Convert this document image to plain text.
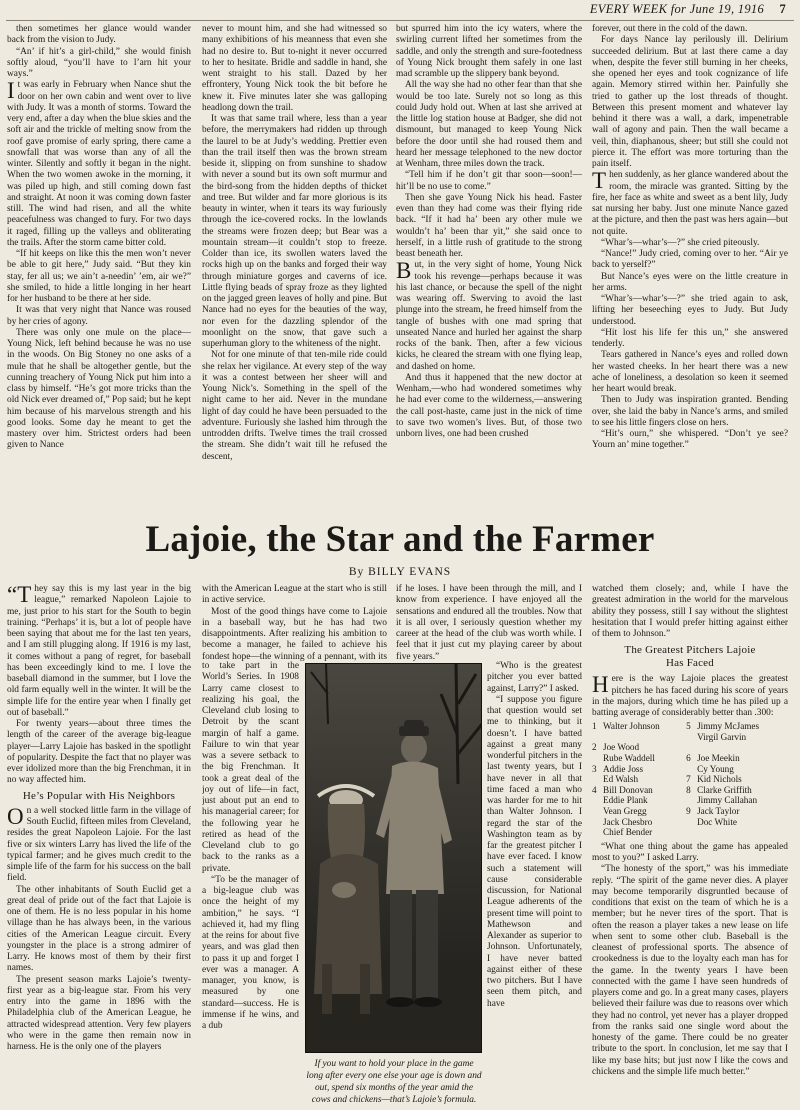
EVERY WEEK for June 19, 1916 7

then sometimes her glance would wander back from the vision to Judy.

“An’ if hit’s a girl-child,” she would finish softly aloud, “you’ll have to l’arn hit your ways.”

It was early in February when Nance shut the door on her own cabin and went over to live with Judy. It was a month of storms. Toward the very end, after a day when the blue skies and the soft air and the trickle of melting snow from the roof gave promise of early spring, there came a snowfall that was worse than any of all the winter. Silently and softly it began in the night. When the two women awoke in the morning, it was piled up high, and still coming down fast and straight. At noon it was coming down faster still. The wind had risen, and all the white peacefulness was changed to fury. For two days it raged, filling up the valleys and obliterating the trails. After the storm came bitter cold.

“If hit keeps on like this the men won’t never be able to git here,” Judy said. “But they kin stay, fer all us; we ain’t a-needin’ ’em, air we?” she smiled, to hide a little longing in her heart for her husband to be there at her side.

It was that very night that Nance was roused by her cries of agony.

There was only one mule on the place—Young Nick, left behind because he was no use in the woods. On Big Stoney no one asks of a mule that he shall be altogether gentle, but the cunning treachery of Young Nick put him into a class by himself. “He’s got more tricks than the old Nick ever dreamed of,” Pop said; but he kept him because of his marvelous strength and his good looks. Some day he meant to get the mastery over him. Strictest orders had been given to Nance

never to mount him, and she had witnessed so many exhibitions of his meanness that even she had no desire to. But to-night it never occurred to her to hesitate. Bridle and saddle in hand, she went straight to his stall. Dazed by her effrontery, Young Nick took the bit before he knew it. Five minutes later she was galloping headlong down the trail.

It was that same trail where, less than a year before, the merrymakers had ridden up through the laurel to be at Judy’s wedding. Prettier even than the trail itself then was the brown stream beside it, slipping on from sunshine to shadow with never a sound but its own soft murmur and the bird-song from the hidden depths of thicket and tree. But wilder and far more glorious is its beauty in winter, when it tears its way furiously through the ice-covered rocks. In the lowlands the streams were frozen deep; but Bear was a mountain stream—it couldn’t stop to freeze. Colder than ice, its swollen waters laved the rocks high up on the banks and forged their way through miniature gorges and caverns of ice. Little flying beads of spray froze as they lighted on the jagged green leaves of holly and pine. But Nance had no eyes for the beauties of the way, nor even for the dazzling splendor of the moonlight on the snow, that gave such a superhuman glory to the whiteness of the night.

Not for one minute of that ten-mile ride could she relax her vigilance. At every step of the way it was a contest between her sheer will and Young Nick’s. Something in the spell of the night came to her aid. Never in the mundane light of day could he have been persuaded to the adventure. Furiously she lashed him through the untrodden drifts. Twelve times the trail crossed the stream. She didn’t wait till he refused the descent,

but spurred him into the icy waters, where the swirling current lifted her sometimes from the saddle, and only the strength and sure-footedness of Young Nick brought them safely in one last mad scramble up the slippery bank beyond.

All the way she had no other fear than that she would be too late. Surely not so long as this could Judy hold out. When at last she arrived at the little log station house at Badger, she did not dismount, but managed to keep Young Nick before the door until she had roused them and heard her message telephoned to the new doctor at Wenham, three miles down the track.

“Tell him if he don’t git thar soon—soon!—hit’ll be no use to come.”

Then she gave Young Nick his head. Faster even than they had come was their flying ride back. “If it had ha’ been ary other mule we wouldn’t ha’ been thar yit,” she said once to herself, in a little rush of gratitude to the strong beast beneath her.

But, in the very sight of home, Young Nick took his revenge—perhaps because it was his last chance, or because the spell of the night was wearing off. Swerving to avoid the last plunge into the stream, he freed himself from the tangle of bushes with one mad spring that unseated Nance and hurled her against the sharp rocks of the bank. Then, after a few vicious kicks, he cleared the stream with one flying leap, and dashed on home.

And thus it happened that the new doctor at Wenham,—who had wondered sometimes why he had ever come to the wilderness,—answering the call post-haste, came just in the nick of time to save two women’s lives. But, of those two unborn lives, one had been crushed

forever, out there in the cold of the dawn.

For days Nance lay perilously ill. Delirium succeeded delirium. But at last there came a day when, despite the fever still burning in her cheeks, she opened her eyes and took cognizance of life again. Memory stirred within her. Painfully she tried to gather up the lost threads of thought. Between this present moment and whatever lay behind it there was a wall, a dark, impenetrable wall of agony and pain. Then the wall became a veil, thin, diaphanous, sheer; but still she could not pierce it. The effort was more torturing than the pain itself.

Then suddenly, as her glance wandered about the room, the miracle was granted. Sitting by the fire, her face as white and sweet as a bent lily, Judy sat nursing her baby. Just one minute Nance gazed at the picture, and then the past was hers again—but not quite.

“Whar’s—whar’s—?” she cried piteously.

“Nance!” Judy cried, coming over to her. “Air ye back to yerself?”

But Nance’s eyes were on the little creature in her arms.

“Whar’s—whar’s—?” she tried again to ask, lifting her beseeching eyes to Judy. But Judy understood.

“Hit lost his life fer this un,” she answered tenderly.

Tears gathered in Nance’s eyes and rolled down her wasted cheeks. In her heart there was a new ache of loneliness, a desolation so keen it seemed her heart would break.

Then to Judy was inspiration granted. Bending over, she laid the baby in Nance’s arms, and smiled to see his little fingers close on hers.

“Hit’s ourn,” she whispered. “Don’t ye see? Yourn an’ mine together.”

Lajoie, the Star and the Farmer
By BILLY EVANS

“They say this is my last year in the big league,” remarked Napoleon Lajoie to me, just prior to his start for the South to begin training. “Perhaps’ it is, but a lot of people have been saying that about me for the last ten years, and I am still plugging along. If 1916 is my last, it comes without a pang of regret, for baseball has been exceedingly kind to me. I love the baseball diamond in the summer, but I love the old farm equally well in the winter. It will be the simple life for the entire year when I finally get out of baseball.”

For twenty years—about three times the length of the career of the average big-league player—Larry Lajoie has basked in the spotlight of popularity. Despite the fact that no player was ever idolized more than the big Frenchman, it in no way affected him.

He’s Popular with His Neighbors

On a well stocked little farm in the village of South Euclid, fifteen miles from Cleveland, resides the great Napoleon Lajoie. For the last five or six winters Larry has lived the life of the typical farmer; and he gives much credit to the simple life of the farm for his success on the ball field.

The other inhabitants of South Euclid get a great deal of pride out of the fact that Lajoie is one of them. He is no less popular in his home village than he has always been, in the various cities of the American League circuit. Every youngster in the place is a strong admirer of Larry. He knows most of them by their first names.

The present season marks Lajoie’s twenty-first year as a big-league star. From his very entry into the game in 1896 with the Philadelphia club of the American League, he attracted widespread attention. Very few players who were in the game then remain now in harness. He is the only one of the players

with the American League at the start who is still in active service.

Most of the good things have come to Lajoie in a baseball way, but he has had two disappointments. After realizing his ambition to become a manager, he failed to achieve his fondest hope—the winning of a pennant, with its

to take part in the World’s Series. In 1908 Larry came closest to realizing his goal, the Cleveland club losing to Detroit by the scant margin of half a game. Failure to win that year was a severe setback to the big Frenchman. It took a great deal of the joy out of life—in fact, just about put an end to his managerial career; for the following year he retired as head of the Cleveland club to go back to the ranks as a private.

“To be the manager of a big-league club was once the height of my ambition,” he says. “I achieved it, had my fling at the reins for about five years, and was glad then to pass it up and forget I ever was a manager. A manager, you know, is measured by one standard—success. He is immense if he wins, and a dub

if he loses. I have been through the mill, and I know from experience. I have enjoyed all the sensations and endured all the troubles. Now that it is all over, I seriously question whether my career at the head of the club was worth while. I feel that it just cut my playing career by about five years.”

“Who is the greatest pitcher you ever batted against, Larry?” I asked.

“I suppose you figure that question would set me to thinking, but it doesn’t. I have batted against a great many wonderful pitchers in the last twenty years, but I have never in all that time faced a man who was harder for me to hit than Walter Johnson. I regard the star of the Washington team as by far the greatest pitcher I have ever faced. I know such a statement will cause considerable discussion, for National League adherents of the present time will point to Mathewson and Alexander as superior to Johnson. Unfortunately, I have never batted against either of these two pitchers. But I have seen them pitch, and have

If you want to hold your place in the game long after every one else your age is down and out, spend six months of the year amid the cows and chickens—that’s Lajoie’s formula.

watched them closely; and, while I have the greatest admiration in the world for the marvelous ability they possess, still I say without the slightest hesitation that I would prefer hitting against either of them to Johnson.”

The Greatest Pitchers Lajoie
Has Faced

Here is the way Lajoie places the greatest pitchers he has faced during his score of years in the majors, during which time he has piled up a batting average of considerably better than .300:

1	Walter Johnson	5	Jimmy McJames
			Virgil Garvin
2	Joe Wood		
	Rube Waddell	6	Joe Meekin
3	Addie Joss		Cy Young
	Ed Walsh	7	Kid Nichols
4	Bill Donovan	8	Clarke Griffith
	Eddie Plank		Jimmy Callahan
	Vean Gregg	9	Jack Taylor
	Jack Chesbro		Doc White
	Chief Bender		

“What one thing about the game has appealed most to you?” I asked Larry.

“The honesty of the sport,” was his immediate reply. “The spirit of the game never dies. A player may become temporarily disgruntled because of conditions that exist on the team of which he is a member; but he never tires of the sport. That is often the reason a player takes a new lease on life when sent to some other club. Baseball is the cleanest of professional sports. The absence of crookedness is due to the loyalty each man has for the game. In the twenty years I have been connected with the game I have seen hundreds of players come and go. In a great many cases, players believed their failure was due to reasons over which they had no control, yet never has a player dropped from the ranks said one single word about the honesty of the game. There could be no greater tribute to the sport. In conclusion, let me say that I like my base hits; but just now I like the cows and chickens and the simple life much better.”
